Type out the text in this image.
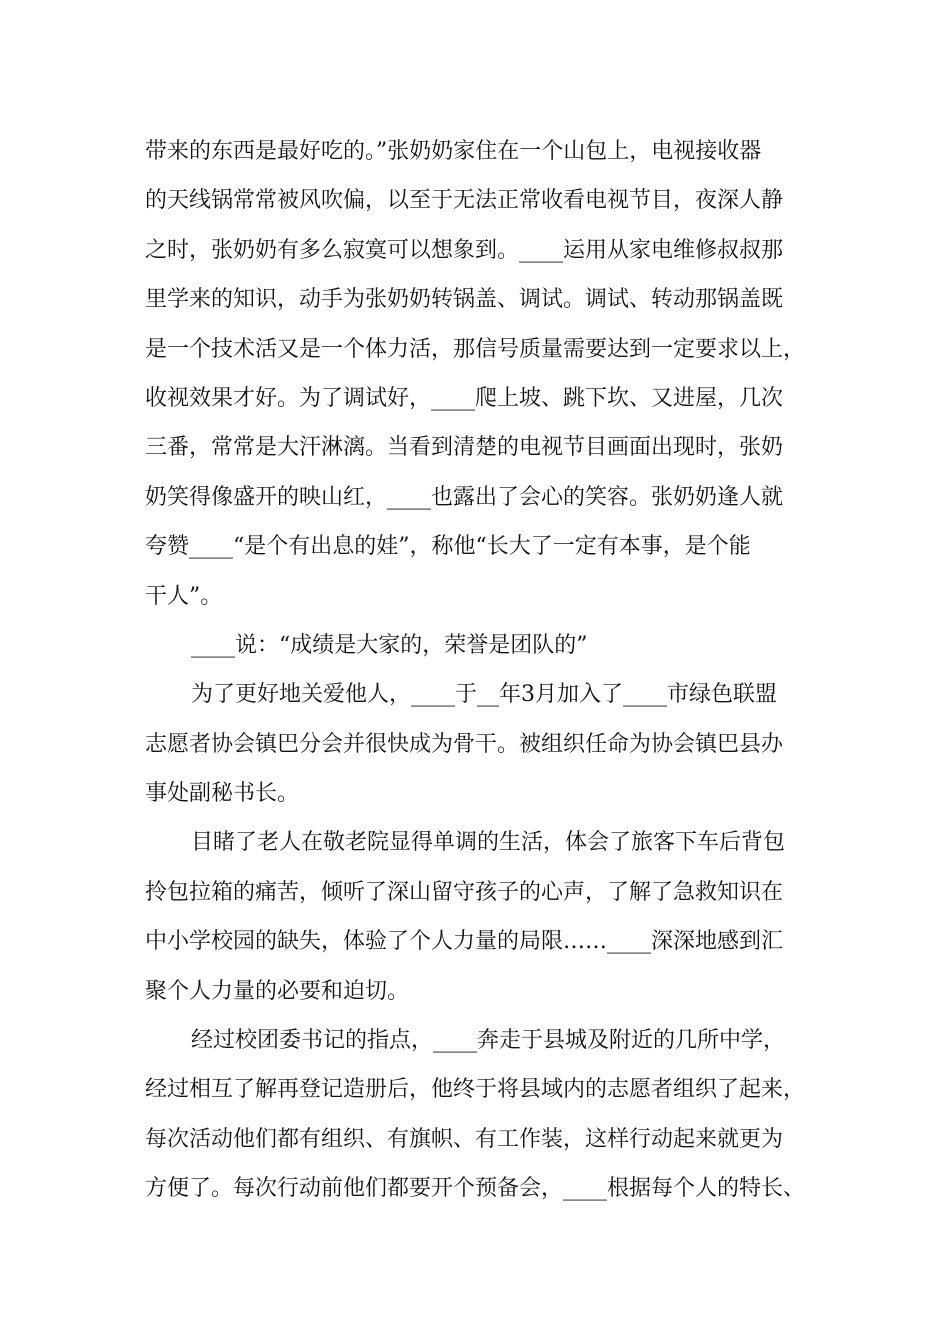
带来的东西是最好吃的。”张奶奶家住在一个山包上，电视接收器
的天线锅常常被风吹偏，以至于无法正常收看电视节目，夜深人静
之时，张奶奶有多么寂寞可以想象到。____运用从家电维修叔叔那
里学来的知识，动手为张奶奶转锅盖、调试。调试、转动那锅盖既
是一个技术活又是一个体力活，那信号质量需要达到一定要求以上，
收视效果才好。为了调试好，____爬上坡、跳下坎、又进屋，几次
三番，常常是大汗淋漓。当看到清楚的电视节目画面出现时，张奶
奶笑得像盛开的映山红，____也露出了会心的笑容。张奶奶逢人就
夸赞____“是个有出息的娃”，称他“长大了一定有本事，是个能
干人”。
____说：“成绩是大家的，荣誉是团队的”
为了更好地关爱他人，____于__年3月加入了____市绿色联盟
志愿者协会镇巴分会并很快成为骨干。被组织任命为协会镇巴县办
事处副秘书长。
目睹了老人在敬老院显得单调的生活，体会了旅客下车后背包
拎包拉箱的痛苦，倾听了深山留守孩子的心声，了解了急救知识在
中小学校园的缺失，体验了个人力量的局限……____深深地感到汇
聚个人力量的必要和迫切。
经过校团委书记的指点，____奔走于县城及附近的几所中学，
经过相互了解再登记造册后，他终于将县域内的志愿者组织了起来，
每次活动他们都有组织、有旗帜、有工作装，这样行动起来就更为
方便了。每次行动前他们都要开个预备会，____根据每个人的特长、
